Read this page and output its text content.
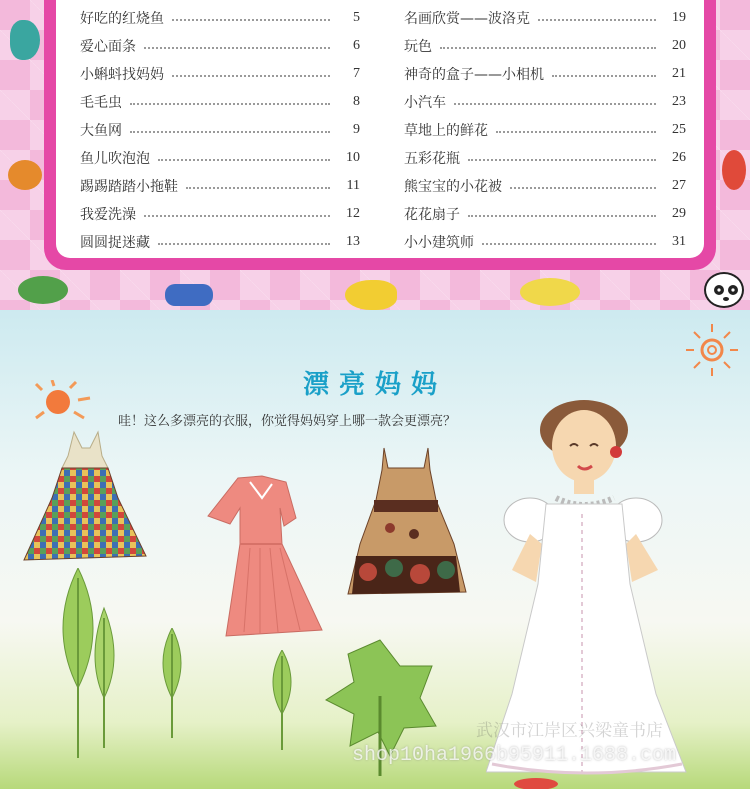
好吃的红烧鱼	5
爱心面条	6
小蝌蚪找妈妈	7
毛毛虫	8
大鱼网	9
鱼儿吹泡泡	10
踢踢踏踏小拖鞋	11
我爱洗澡	12
圆圆捉迷藏	13
名画欣赏——波洛克	19
玩色	20
神奇的盒子——小相机	21
小汽车	23
草地上的鲜花	25
五彩花瓶	26
熊宝宝的小花被	27
花花扇子	29
小小建筑师	31
漂亮妈妈
哇！这么多漂亮的衣服，你觉得妈妈穿上哪一款会更漂亮？
武汉市江岸区兴梁童书店
shop10ha1966b95911.1688.com
